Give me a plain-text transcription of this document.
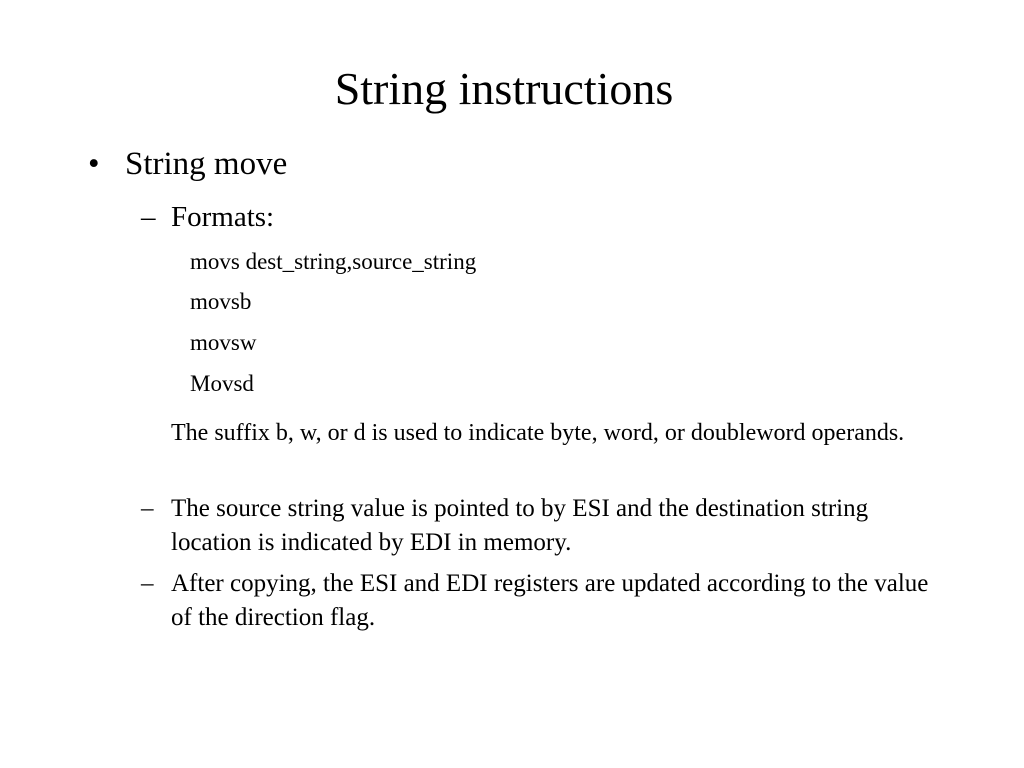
String instructions
• String move
– Formats:
movs dest_string,source_string
movsb
movsw
Movsd
The suffix b, w, or d is used to indicate byte, word, or doubleword operands.
– The source string value is pointed to by ESI and the destination string location is indicated by EDI in memory.
– After copying, the ESI and EDI registers are updated according to the value of the direction flag.
